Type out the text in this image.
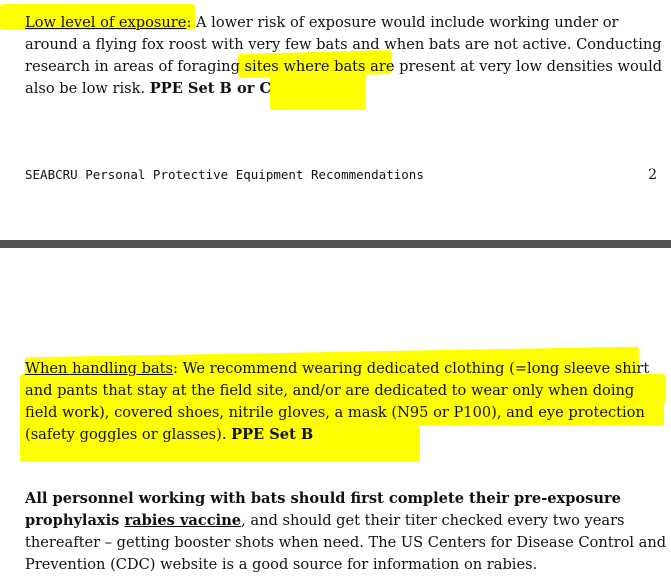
Low level of exposure: A lower risk of exposure would include working under or around a flying fox roost with very few bats and when bats are not active. Conducting research in areas of foraging sites where bats are present at very low densities would also be low risk. PPE Set B or C

SEABCRU Personal Protective Equipment Recommendations	2

When handling bats: We recommend wearing dedicated clothing (=long sleeve shirt and pants that stay at the field site, and/or are dedicated to wear only when doing field work), covered shoes, nitrile gloves, a mask (N95 or P100), and eye protection (safety goggles or glasses). PPE Set B

All personnel working with bats should first complete their pre-exposure prophylaxis rabies vaccine, and should get their titer checked every two years thereafter – getting booster shots when need. The US Centers for Disease Control and Prevention (CDC) website is a good source for information on rabies.
